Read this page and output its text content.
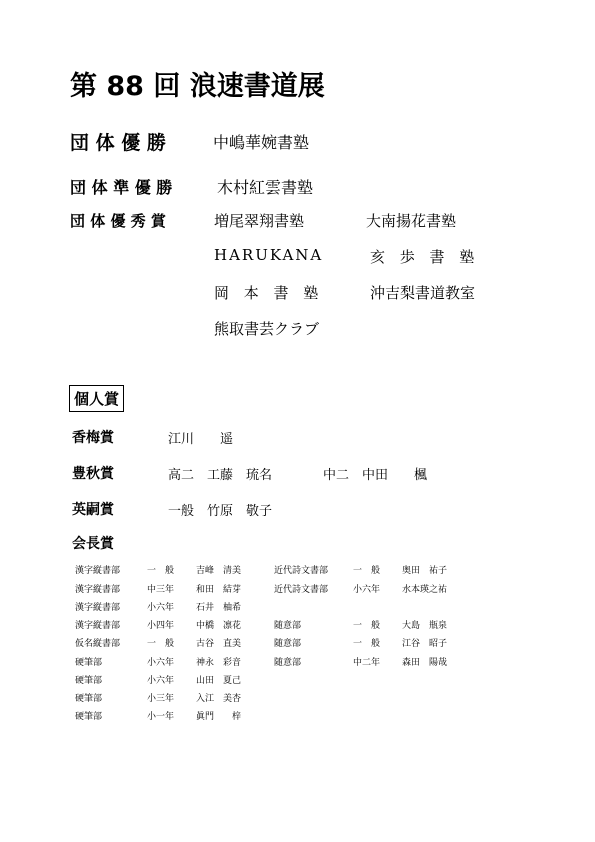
第 88 回 浪速書道展
団 体 優 勝	中嶋華婉書塾
団 体 準 優 勝	木村紅雲書塾
団 体 優 秀 賞	増尾翠翔書塾	大南揚花書塾
HARUKANA	亥 歩 書 塾
岡 本 書 塾	沖吉梨書道教室
熊取書芸クラブ
個人賞
香梅賞	江川　　遥
豊秋賞	高二　工藤　琉名	中二　中田　　楓
英嗣賞	一般　竹原　敬子
会長賞
漢字縦書部	一　般 吉峰　清美
漢字縦書部	中三年 和田　結芽
漢字縦書部	小六年 石井　柚希
漢字縦書部	小四年 中橋　凛花
仮名縦書部	一　般 古谷　直美
硬筆部	小六年 神永　彩音
硬筆部	小六年 山田　夏己
硬筆部	小三年 入江　美杏
硬筆部	小一年 眞門　　梓
近代詩文書部	一　般 奥田　祐子
近代詩文書部	小六年 水本瑛之祐
随意部	一　般 大島　瓶泉
随意部	一　般 江谷　昭子
随意部	中二年 森田　陽哉
